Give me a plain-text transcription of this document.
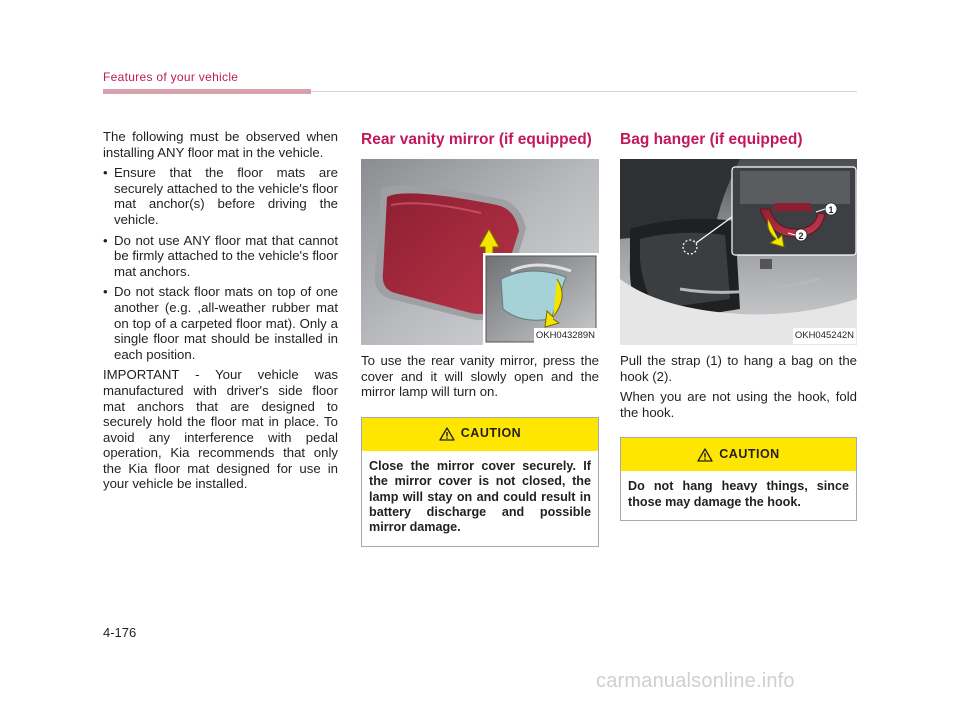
Features of your vehicle

The following must be observed when installing ANY floor mat in the vehicle.

• Ensure that the floor mats are securely attached to the vehicle's floor mat anchor(s) before driving the vehicle.

• Do not use ANY floor mat that cannot be firmly attached to the vehicle's floor mat anchors.

• Do not stack floor mats on top of one another (e.g. ,all-weather rubber mat on top of a carpeted floor mat). Only a single floor mat should be installed in each position.

IMPORTANT - Your vehicle was manufactured with driver's side floor mat anchors that are designed to securely hold the floor mat in place. To avoid any interference with pedal operation, Kia recommends that only the Kia floor mat designed for use in your vehicle be installed.

Rear vanity mirror (if equipped)
OKH043289N

To use the rear vanity mirror, press the cover and it will slowly open and the mirror lamp will turn on.

CAUTION
Close the mirror cover securely. If the mirror cover is not closed, the lamp will stay on and could result in battery discharge and possible mirror damage.
Bag hanger (if equipped)
1
2
OKH045242N

Pull the strap (1) to hang a bag on the hook (2).

When you are not using the hook, fold the hook.

CAUTION
Do not hang heavy things, since those may damage the hook.
4-176
carmanualsonline.info
